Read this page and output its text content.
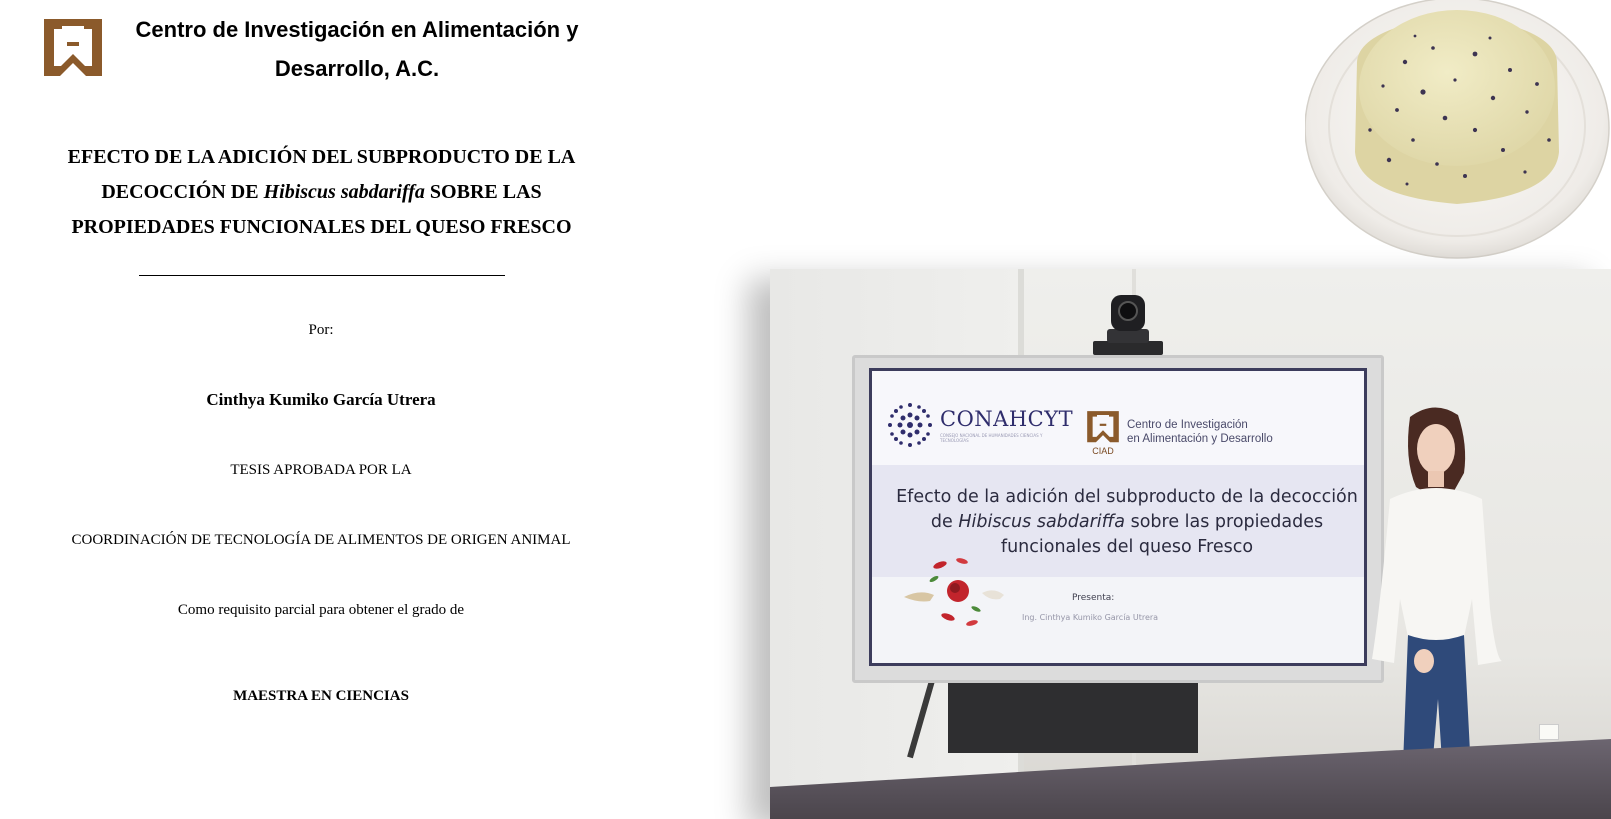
Centro de Investigación en Alimentación y
Desarrollo, A.C.

EFECTO DE LA ADICIÓN DEL SUBPRODUCTO DE LA DECOCCIÓN DE Hibiscus sabdariffa SOBRE LAS PROPIEDADES FUNCIONALES DEL QUESO FRESCO

Por:

Cinthya Kumiko García Utrera

TESIS APROBADA POR LA

COORDINACIÓN DE TECNOLOGÍA DE ALIMENTOS DE ORIGEN ANIMAL

Como requisito parcial para obtener el grado de

MAESTRA EN CIENCIAS

CONAHCYT
CONSEJO NACIONAL DE HUMANIDADES CIENCIAS Y TECNOLOGÍAS
CIAD
Centro de Investigación
en Alimentación y Desarrollo

Efecto de la adición del subproducto de la decocción de Hibiscus sabdariffa sobre las propiedades funcionales del queso Fresco

Presenta:
Ing. Cinthya Kumiko García Utrera
